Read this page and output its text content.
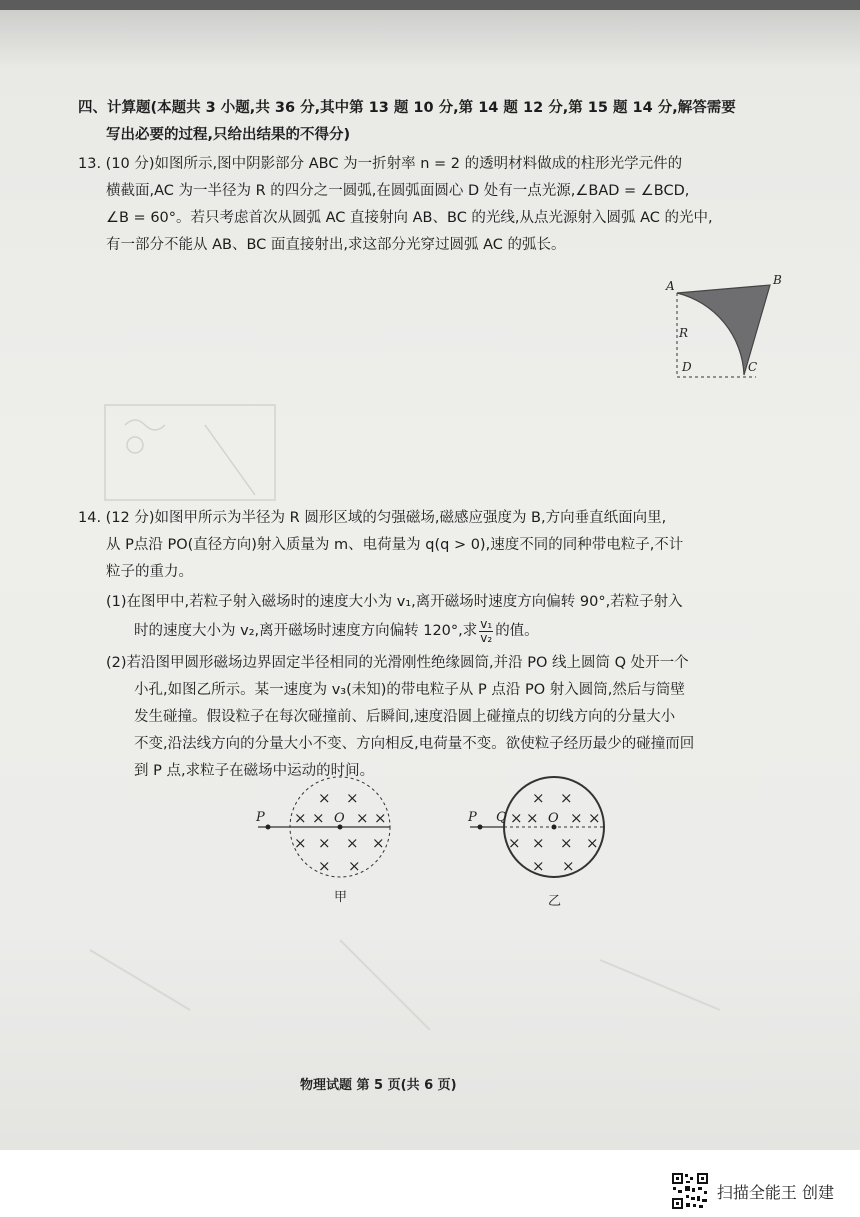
四、计算题(本题共 3 小题,共 36 分,其中第 13 题 10 分,第 14 题 12 分,第 15 题 14 分,解答需要
写出必要的过程,只给出结果的不得分)
13. (10 分)如图所示,图中阴影部分 ABC 为一折射率 n = 2 的透明材料做成的柱形光学元件的
横截面,AC 为一半径为 R 的四分之一圆弧,在圆弧面圆心 D 处有一点光源,∠BAD = ∠BCD,
∠B = 60°。若只考虑首次从圆弧 AC 直接射向 AB、BC 的光线,从点光源射入圆弧 AC 的光中,
有一部分不能从 AB、BC 面直接射出,求这部分光穿过圆弧 AC 的弧长。
A	B
C
D
R
14. (12 分)如图甲所示为半径为 R 圆形区域的匀强磁场,磁感应强度为 B,方向垂直纸面向里,
从 P点沿 PO(直径方向)射入质量为 m、电荷量为 q(q > 0),速度不同的同种带电粒子,不计
粒子的重力。
(1)在图甲中,若粒子射入磁场时的速度大小为 v₁,离开磁场时速度方向偏转 90°,若粒子射入
时的速度大小为 v₂,离开磁场时速度方向偏转 120°,求 $\frac{\text{v₁}}{\text{v₂}}$ 的值。
(2)若沿图甲圆形磁场边界固定半径相同的光滑刚性绝缘圆筒,并沿 PO 线上圆筒 Q 处开一个
小孔,如图乙所示。某一速度为 v₃(未知)的带电粒子从 P 点沿 PO 射入圆筒,然后与筒壁
发生碰撞。假设粒子在每次碰撞前、后瞬间,速度沿圆上碰撞点的切线方向的分量大小
不变,沿法线方向的分量大小不变、方向相反,电荷量不变。欲使粒子经历最少的碰撞而回
到 P 点,求粒子在磁场中运动的时间。
× ×
× × × ×
× × × ×
× ×
P	O
甲
× ×
× × × ×
× × × ×
× ×
P Q	O
乙
物理试题 第 5 页(共 6 页)
扫描全能王 创建
